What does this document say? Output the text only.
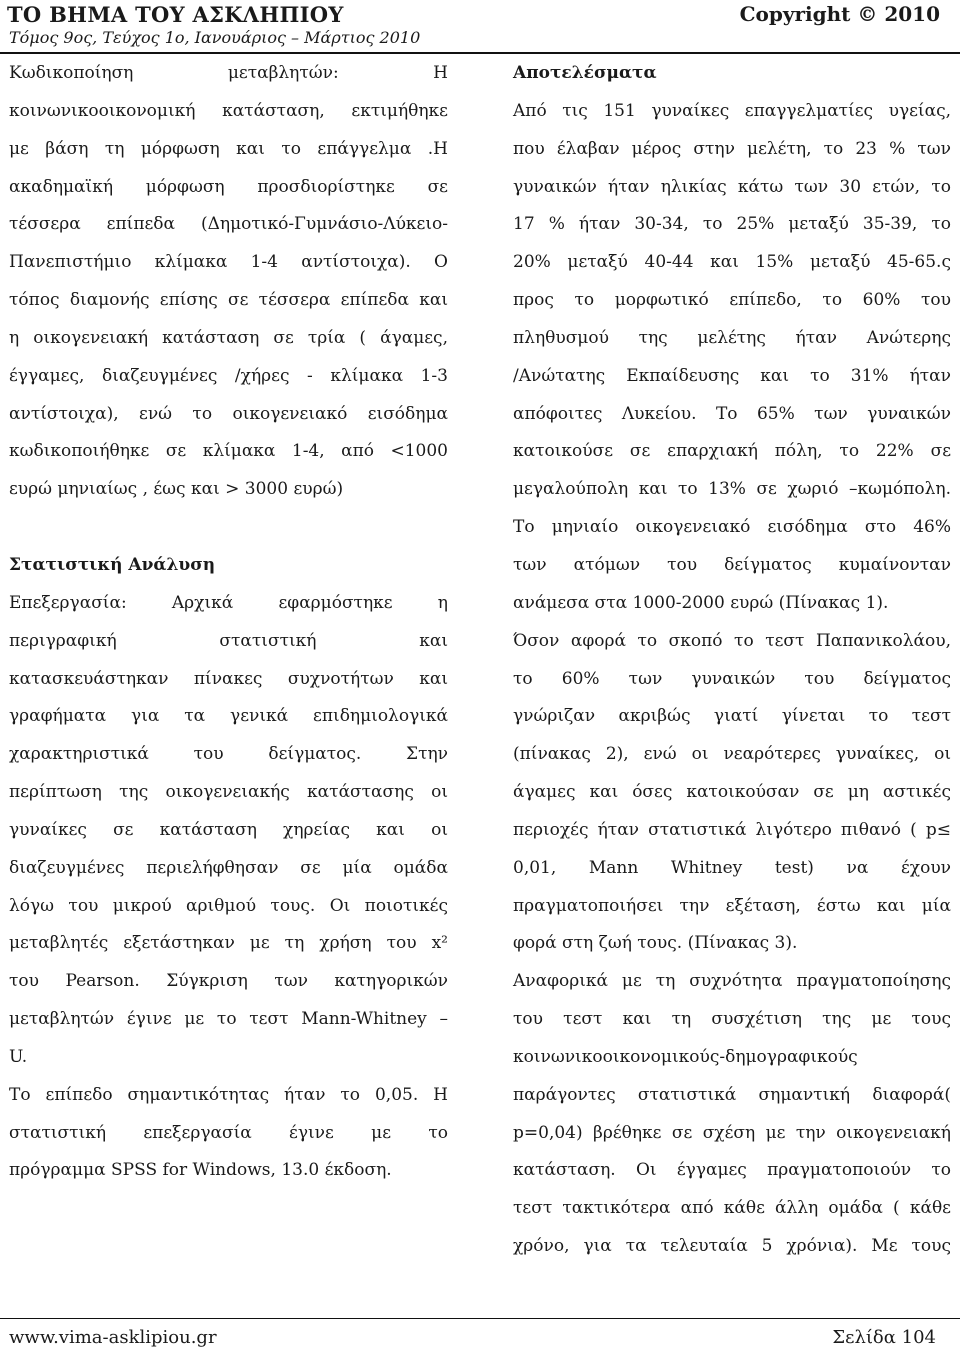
ΤΟ ΒΗΜΑ ΤΟΥ ΑΣΚΛΗΠΙΟΥ
Τόμος 9ος, Τεύχος 1ο, Ιανουάριος – Μάρτιος 2010
Copyright © 2010
Κωδικοποίηση μεταβλητών: Η
κοινωνικοοικονομική κατάσταση, εκτιμήθηκε
με βάση τη μόρφωση και το επάγγελμα .Η
ακαδημαϊκή μόρφωση προσδιορίστηκε σε
τέσσερα επίπεδα (Δημοτικό-Γυμνάσιο-Λύκειο-
Πανεπιστήμιο κλίμακα 1-4 αντίστοιχα). Ο
τόπος διαμονής επίσης σε τέσσερα επίπεδα και
η οικογενειακή κατάσταση σε τρία ( άγαμες,
έγγαμες, διαζευγμένες /χήρες - κλίμακα 1-3
αντίστοιχα), ενώ το οικογενειακό εισόδημα
κωδικοποιήθηκε σε κλίμακα 1-4, από <1000
ευρώ μηνιαίως , έως και > 3000 ευρώ)
Στατιστική Ανάλυση
Επεξεργασία: Αρχικά εφαρμόστηκε η
περιγραφική στατιστική και
κατασκευάστηκαν πίνακες συχνοτήτων και
γραφήματα για τα γενικά επιδημιολογικά
χαρακτηριστικά του δείγματος. Στην
περίπτωση της οικογενειακής κατάστασης οι
γυναίκες σε κατάσταση χηρείας και οι
διαζευγμένες περιελήφθησαν σε μία ομάδα
λόγω του μικρού αριθμού τους. Οι ποιοτικές
μεταβλητές εξετάστηκαν με τη χρήση του x²
του Pearson. Σύγκριση των κατηγορικών
μεταβλητών έγινε με το τεστ Mann-Whitney –
U.
Το επίπεδο σημαντικότητας ήταν το 0,05. Η
στατιστική επεξεργασία έγινε με το
πρόγραμμα SPSS for Windows, 13.0 έκδοση.
Αποτελέσματα
Από τις 151 γυναίκες επαγγελματίες υγείας,
που έλαβαν μέρος στην μελέτη, το 23 % των
γυναικών ήταν ηλικίας κάτω των 30 ετών, το
17 % ήταν 30-34, το 25% μεταξύ 35-39, το
20% μεταξύ 40-44 και 15% μεταξύ 45-65.ς
προς το μορφωτικό επίπεδο, το 60% του
πληθυσμού της μελέτης ήταν Ανώτερης
/Ανώτατης Εκπαίδευσης και το 31% ήταν
απόφοιτες Λυκείου. Το 65% των γυναικών
κατοικούσε σε επαρχιακή πόλη, το 22% σε
μεγαλούπολη και το 13% σε χωριό –κωμόπολη.
Το μηνιαίο οικογενειακό εισόδημα στο 46%
των ατόμων του δείγματος κυμαίνονταν
ανάμεσα στα 1000-2000 ευρώ (Πίνακας 1).
Όσον αφορά το σκοπό το τεστ Παπανικολάου,
το 60% των γυναικών του δείγματος
γνώριζαν ακριβώς γιατί γίνεται το τεστ
(πίνακας 2), ενώ οι νεαρότερες γυναίκες, οι
άγαμες και όσες κατοικούσαν σε μη αστικές
περιοχές ήταν στατιστικά λιγότερο πιθανό ( p≤
0,01, Mann Whitney test) να έχουν
πραγματοποιήσει την εξέταση, έστω και μία
φορά στη ζωή τους. (Πίνακας 3).
Αναφορικά με τη συχνότητα πραγματοποίησης
του τεστ και τη συσχέτιση της με τους
κοινωνικοοικονομικούς-δημογραφικούς
παράγοντες στατιστικά σημαντική διαφορά(
p=0,04) βρέθηκε σε σχέση με την οικογενειακή
κατάσταση. Οι έγγαμες πραγματοποιούν το
τεστ τακτικότερα από κάθε άλλη ομάδα ( κάθε
χρόνο, για τα τελευταία 5 χρόνια). Με τους
www.vima-asklipiou.gr	Σελίδα 104
